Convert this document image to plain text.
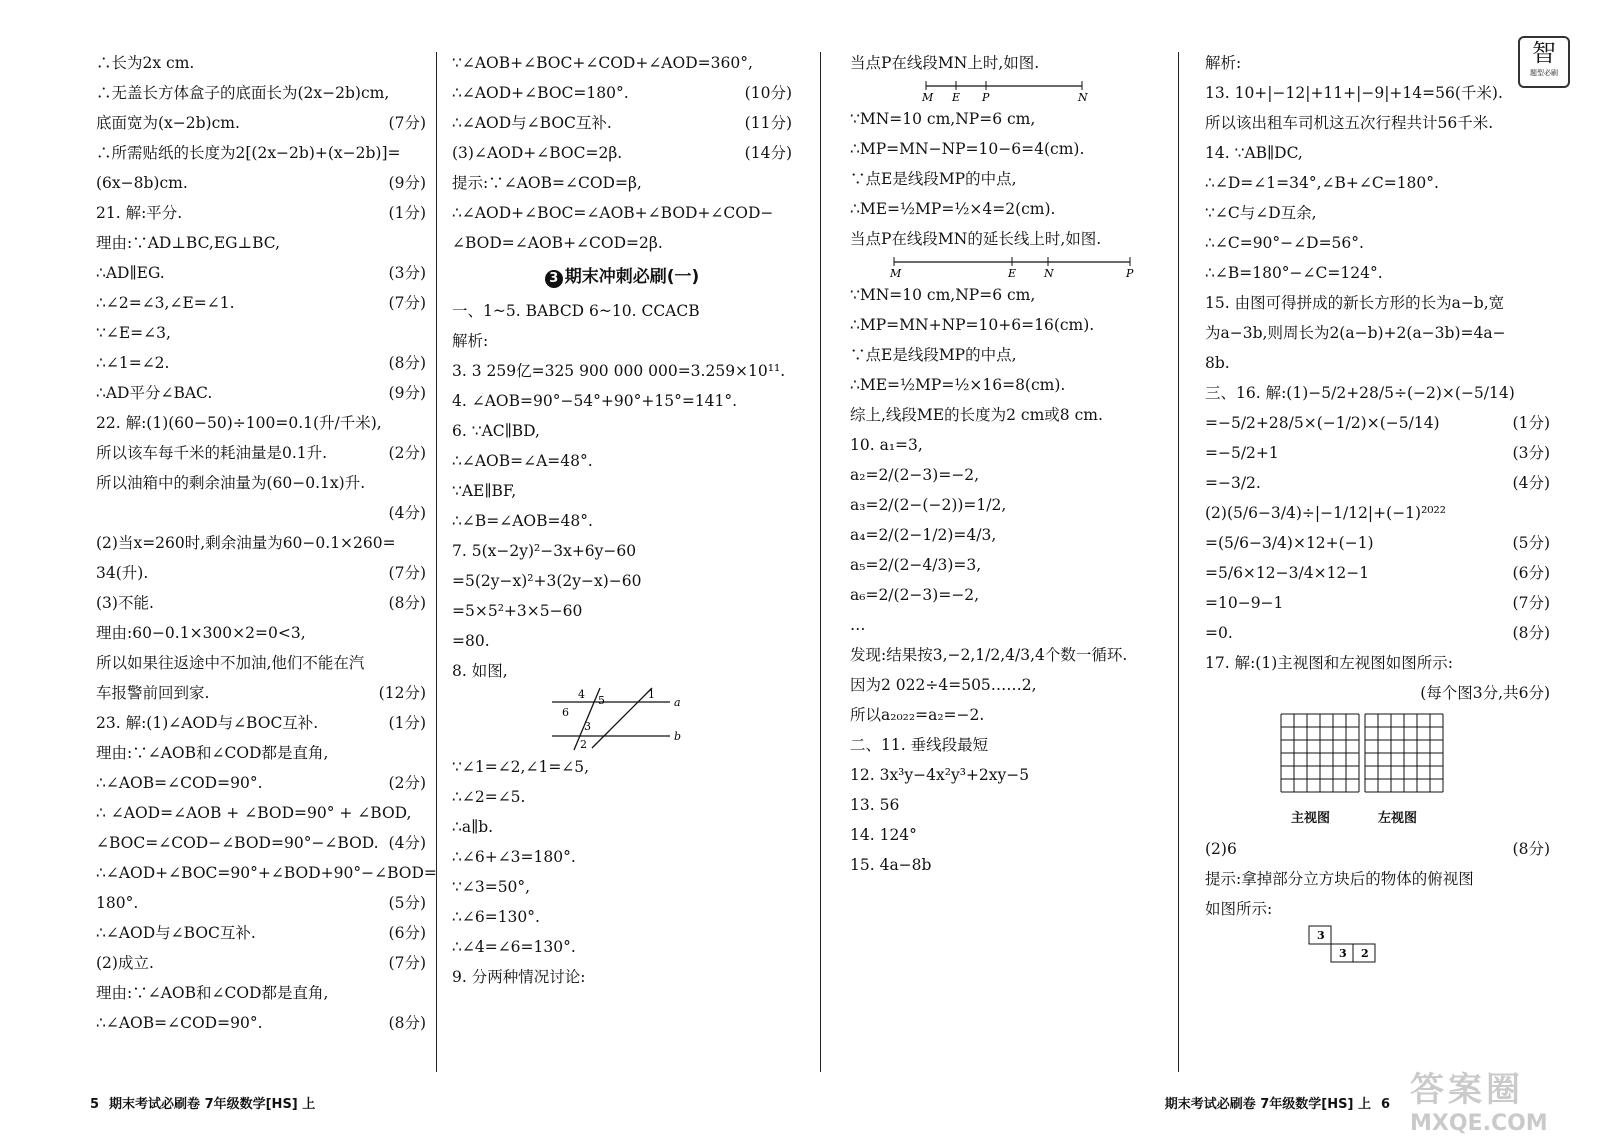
∴长为2x cm.
∴无盖长方体盒子的底面长为(2x−2b)cm,
底面宽为(x−2b)cm.	(7分)
∴所需贴纸的长度为2[(2x−2b)+(x−2b)]=
(6x−8b)cm.	(9分)
21. 解:平分.	(1分)
理由:∵AD⊥BC,EG⊥BC,
∴AD∥EG.	(3分)
∴∠2=∠3,∠E=∠1.	(7分)
∵∠E=∠3,
∴∠1=∠2.	(8分)
∴AD平分∠BAC.	(9分)
22. 解:(1)(60−50)÷100=0.1(升/千米),
所以该车每千米的耗油量是0.1升.	(2分)
所以油箱中的剩余油量为(60−0.1x)升.
(4分)
(2)当x=260时,剩余油量为60−0.1×260=
34(升).	(7分)
(3)不能.	(8分)
理由:60−0.1×300×2=0<3,
所以如果往返途中不加油,他们不能在汽
车报警前回到家.	(12分)
23. 解:(1)∠AOD与∠BOC互补.	(1分)
理由:∵∠AOB和∠COD都是直角,
∴∠AOB=∠COD=90°.	(2分)
∴ ∠AOD=∠AOB + ∠BOD=90° + ∠BOD,
∠BOC=∠COD−∠BOD=90°−∠BOD. (4分)
∴∠AOD+∠BOC=90°+∠BOD+90°−∠BOD=
180°.	(5分)
∴∠AOD与∠BOC互补.	(6分)
(2)成立.	(7分)
理由:∵∠AOB和∠COD都是直角,
∴∠AOB=∠COD=90°.	(8分)
∵∠AOB+∠BOC+∠COD+∠AOD=360°,
∴∠AOD+∠BOC=180°.	(10分)
∴∠AOD与∠BOC互补.	(11分)
(3)∠AOD+∠BOC=2β.	(14分)
提示:∵∠AOB=∠COD=β,
∴∠AOD+∠BOC=∠AOB+∠BOD+∠COD−
∠BOD=∠AOB+∠COD=2β.
3 期末冲刺必刷(一)
一、1~5. BABCD 6~10. CCACB
解析:
3. 3 259亿=325 900 000 000=3.259×10¹¹.
4. ∠AOB=90°−54°+90°+15°=141°.
6. ∵AC∥BD,
∴∠AOB=∠A=48°.
∵AE∥BF,
∴∠B=∠AOB=48°.
7. 5(x−2y)²−3x+6y−60
=5(2y−x)²+3(2y−x)−60
=5×5²+3×5−60
=80.
8. 如图,
4	1
a
6
3
5
b
2
∵∠1=∠2,∠1=∠5,
∴∠2=∠5.
∴a∥b.
∴∠6+∠3=180°.
∵∠3=50°,
∴∠6=130°.
∴∠4=∠6=130°.
9. 分两种情况讨论:
当点P在线段MN上时,如图.
M E P	N
∵MN=10 cm,NP=6 cm,
∴MP=MN−NP=10−6=4(cm).
∵点E是线段MP的中点,
∴ME=½MP=½×4=2(cm).
当点P在线段MN的延长线上时,如图.
M	E	N	P
∵MN=10 cm,NP=6 cm,
∴MP=MN+NP=10+6=16(cm).
∵点E是线段MP的中点,
∴ME=½MP=½×16=8(cm).
综上,线段ME的长度为2 cm或8 cm.
10. a₁=3,
a₂=2/(2−3)=−2,
a₃=2/(2−(−2))=1/2,
a₄=2/(2−1/2)=4/3,
a₅=2/(2−4/3)=3,
a₆=2/(2−3)=−2,
…
发现:结果按3,−2,1/2,4/3,4个数一循环.
因为2 022÷4=505……2,
所以a₂₀₂₂=a₂=−2.
二、11. 垂线段最短
12. 3x³y−4x²y³+2xy−5
13. 56
14. 124°
15. 4a−8b
解析:
13. 10+|−12|+11+|−9|+14=56(千米).
所以该出租车司机这五次行程共计56千米.
14. ∵AB∥DC,
∴∠D=∠1=34°,∠B+∠C=180°.
∵∠C与∠D互余,
∴∠C=90°−∠D=56°.
∴∠B=180°−∠C=124°.
15. 由图可得拼成的新长方形的长为a−b,宽
为a−3b,则周长为2(a−b)+2(a−3b)=4a−
8b.
三、16. 解:(1)−5/2+28/5÷(−2)×(−5/14)
=−5/2+28/5×(−1/2)×(−5/14)	(1分)
=−5/2+1	(3分)
=−3/2.	(4分)
(2)(5/6−3/4)÷|−1/12|+(−1)²⁰²²
=(5/6−3/4)×12+(−1)	(5分)
=5/6×12−3/4×12−1	(6分)
=10−9−1	(7分)
=0.	(8分)
17. 解:(1)主视图和左视图如图所示:
(每个图3分,共6分)
主视图	左视图
(2)6	(8分)
提示:拿掉部分立方块后的物体的俯视图
如图所示:
3
3 2
智
题型必刷
5 期末考试必刷卷 7年级数学[HS] 上	期末考试必刷卷 7年级数学[HS] 上 6 答案圈
MXQE.COM
